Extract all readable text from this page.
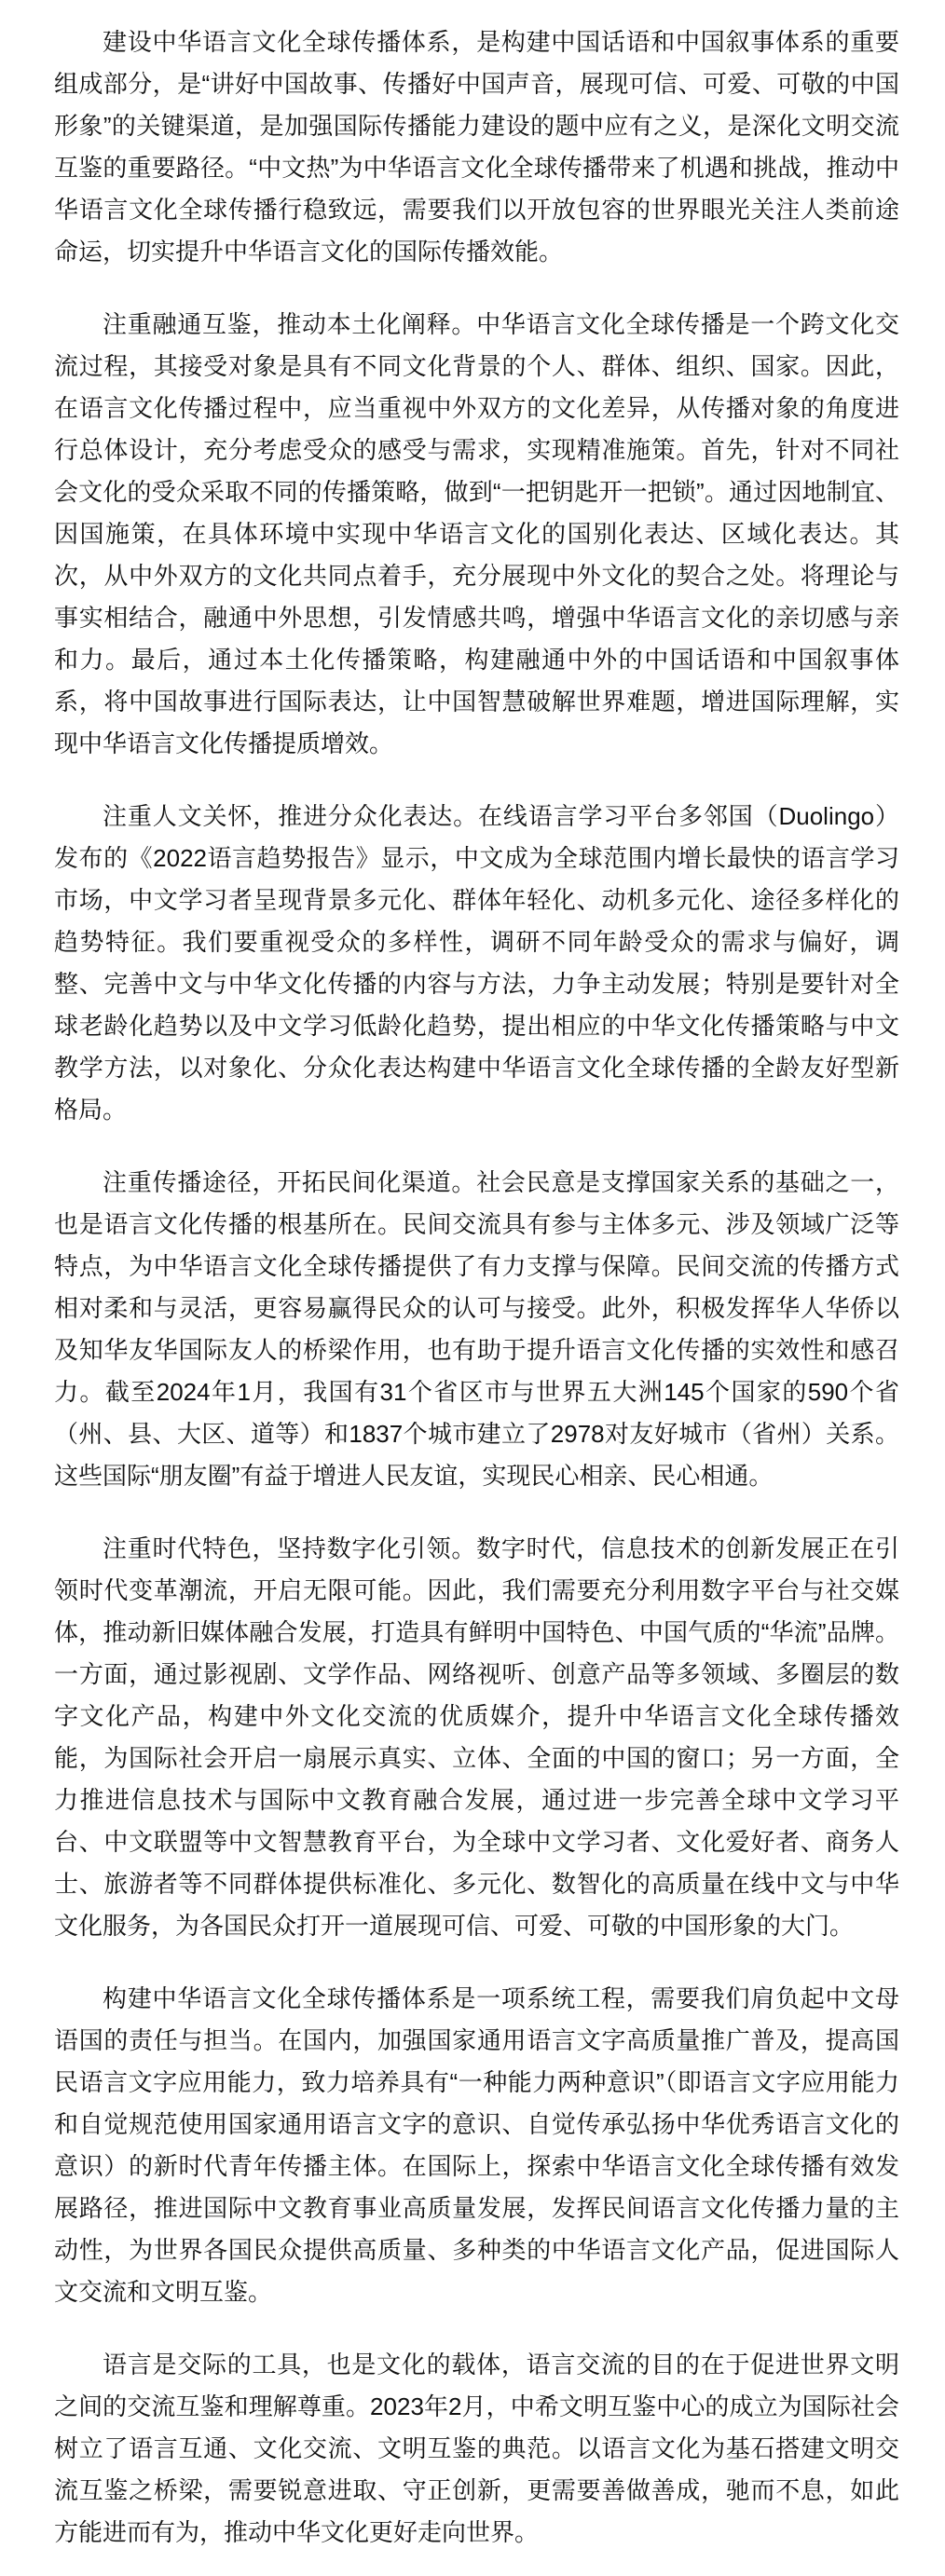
建设中华语言文化全球传播体系，是构建中国话语和中国叙事体系的重要组成部分，是“讲好中国故事、传播好中国声音，展现可信、可爱、可敬的中国形象”的关键渠道，是加强国际传播能力建设的题中应有之义，是深化文明交流互鉴的重要路径。“中文热”为中华语言文化全球传播带来了机遇和挑战，推动中华语言文化全球传播行稳致远，需要我们以开放包容的世界眼光关注人类前途命运，切实提升中华语言文化的国际传播效能。

注重融通互鉴，推动本土化阐释。中华语言文化全球传播是一个跨文化交流过程，其接受对象是具有不同文化背景的个人、群体、组织、国家。因此，在语言文化传播过程中，应当重视中外双方的文化差异，从传播对象的角度进行总体设计，充分考虑受众的感受与需求，实现精准施策。首先，针对不同社会文化的受众采取不同的传播策略，做到“一把钥匙开一把锁”。通过因地制宜、因国施策，在具体环境中实现中华语言文化的国别化表达、区域化表达。其次，从中外双方的文化共同点着手，充分展现中外文化的契合之处。将理论与事实相结合，融通中外思想，引发情感共鸣，增强中华语言文化的亲切感与亲和力。最后，通过本土化传播策略，构建融通中外的中国话语和中国叙事体系，将中国故事进行国际表达，让中国智慧破解世界难题，增进国际理解，实现中华语言文化传播提质增效。

注重人文关怀，推进分众化表达。在线语言学习平台多邻国（Duolingo）发布的《2022语言趋势报告》显示，中文成为全球范围内增长最快的语言学习市场，中文学习者呈现背景多元化、群体年轻化、动机多元化、途径多样化的趋势特征。我们要重视受众的多样性，调研不同年龄受众的需求与偏好，调整、完善中文与中华文化传播的内容与方法，力争主动发展；特别是要针对全球老龄化趋势以及中文学习低龄化趋势，提出相应的中华文化传播策略与中文教学方法，以对象化、分众化表达构建中华语言文化全球传播的全龄友好型新格局。

注重传播途径，开拓民间化渠道。社会民意是支撑国家关系的基础之一，也是语言文化传播的根基所在。民间交流具有参与主体多元、涉及领域广泛等特点，为中华语言文化全球传播提供了有力支撑与保障。民间交流的传播方式相对柔和与灵活，更容易赢得民众的认可与接受。此外，积极发挥华人华侨以及知华友华国际友人的桥梁作用，也有助于提升语言文化传播的实效性和感召力。截至2024年1月，我国有31个省区市与世界五大洲145个国家的590个省（州、县、大区、道等）和1837个城市建立了2978对友好城市（省州）关系。这些国际“朋友圈”有益于增进人民友谊，实现民心相亲、民心相通。

注重时代特色，坚持数字化引领。数字时代，信息技术的创新发展正在引领时代变革潮流，开启无限可能。因此，我们需要充分利用数字平台与社交媒体，推动新旧媒体融合发展，打造具有鲜明中国特色、中国气质的“华流”品牌。一方面，通过影视剧、文学作品、网络视听、创意产品等多领域、多圈层的数字文化产品，构建中外文化交流的优质媒介，提升中华语言文化全球传播效能，为国际社会开启一扇展示真实、立体、全面的中国的窗口；另一方面，全力推进信息技术与国际中文教育融合发展，通过进一步完善全球中文学习平台、中文联盟等中文智慧教育平台，为全球中文学习者、文化爱好者、商务人士、旅游者等不同群体提供标准化、多元化、数智化的高质量在线中文与中华文化服务，为各国民众打开一道展现可信、可爱、可敬的中国形象的大门。

构建中华语言文化全球传播体系是一项系统工程，需要我们肩负起中文母语国的责任与担当。在国内，加强国家通用语言文字高质量推广普及，提高国民语言文字应用能力，致力培养具有“一种能力两种意识”（即语言文字应用能力和自觉规范使用国家通用语言文字的意识、自觉传承弘扬中华优秀语言文化的意识）的新时代青年传播主体。在国际上，探索中华语言文化全球传播有效发展路径，推进国际中文教育事业高质量发展，发挥民间语言文化传播力量的主动性，为世界各国民众提供高质量、多种类的中华语言文化产品，促进国际人文交流和文明互鉴。

语言是交际的工具，也是文化的载体，语言交流的目的在于促进世界文明之间的交流互鉴和理解尊重。2023年2月，中希文明互鉴中心的成立为国际社会树立了语言互通、文化交流、文明互鉴的典范。以语言文化为基石搭建文明交流互鉴之桥梁，需要锐意进取、守正创新，更需要善做善成，驰而不息，如此方能进而有为，推动中华文化更好走向世界。
